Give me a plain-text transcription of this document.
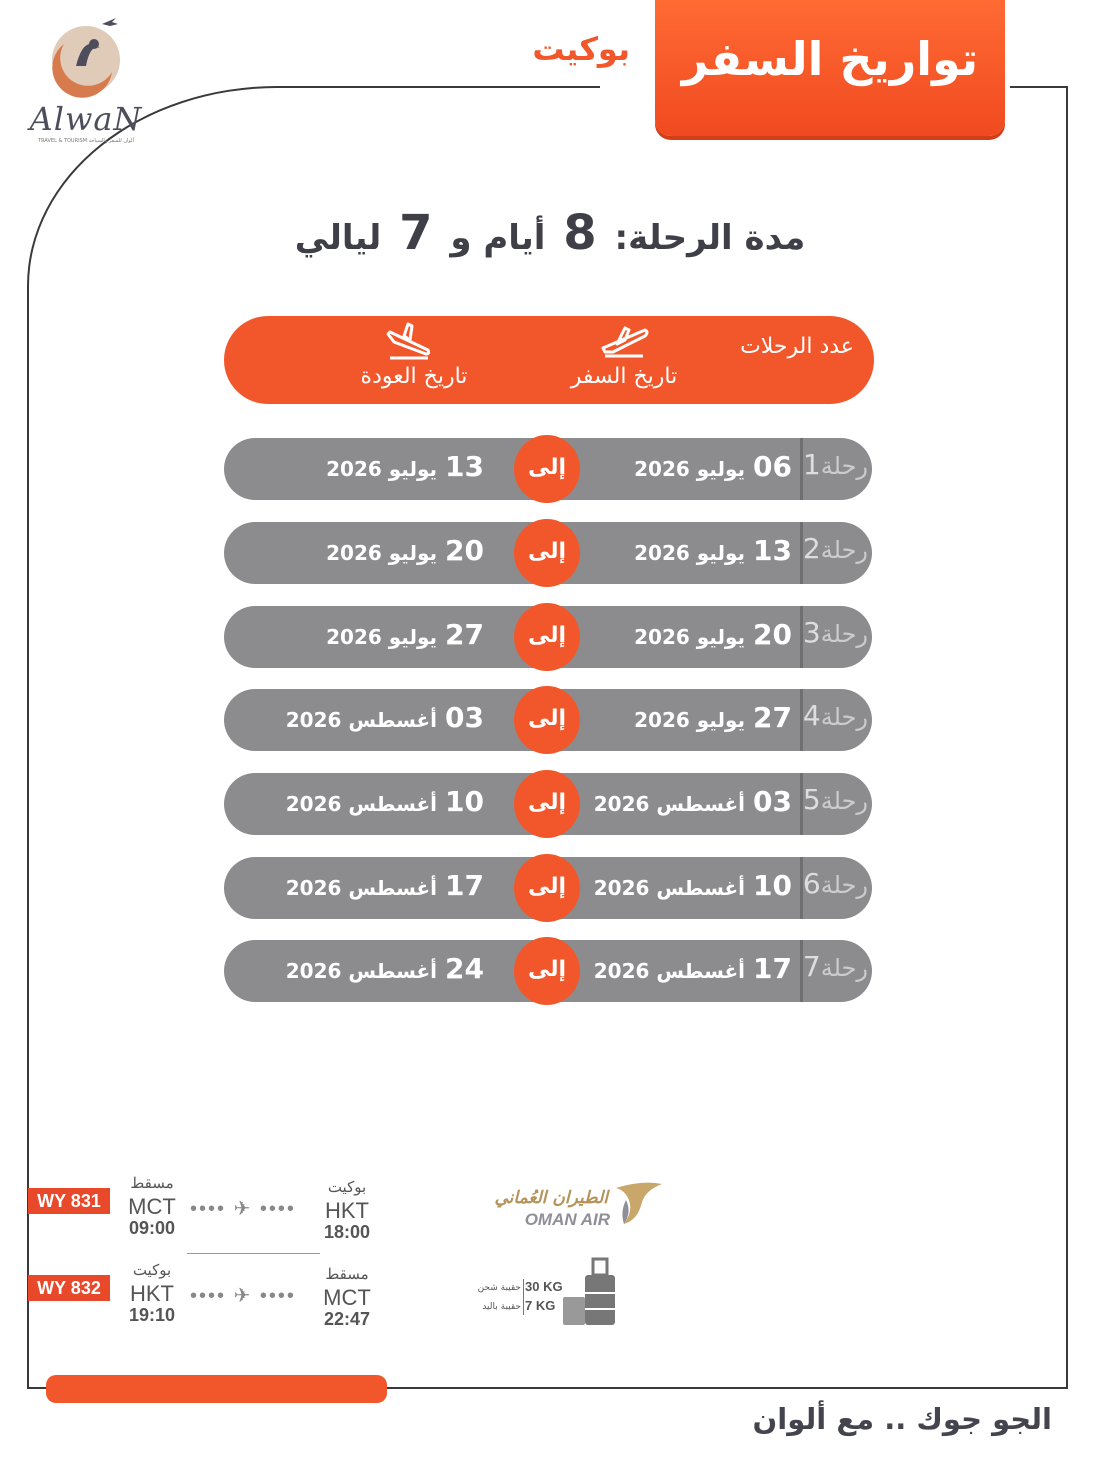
AlwaN
TRAVEL & TOURISM ألوان للسفر والسياحة
بوكيت	تواريخ السفر
مدة الرحلة: 8 أيام و 7 ليالي
عدد الرحلات
تاريخ السفر
تاريخ العودة
رحلة1
06يوليو 2026
إلى
13يوليو 2026
رحلة2
13يوليو 2026
إلى
20يوليو 2026
رحلة3
20يوليو 2026
إلى
27يوليو 2026
رحلة4
27يوليو 2026
إلى
03أغسطس 2026
رحلة5
03أغسطس 2026
إلى
10أغسطس 2026
رحلة6
10أغسطس 2026
إلى
17أغسطس 2026
رحلة7
17أغسطس 2026
إلى
24أغسطس 2026
WY 831
مسقط
MCT
09:00
•••• ✈ ••••
بوكيت
HKT
18:00
WY 832
بوكيت
HKT
19:10
•••• ✈ ••••
مسقط
MCT
22:47
الطيران العُماني
OMAN AIR
30 KG
حقيبة شحن
7 KG
حقيبة باليد
الجو جوك .. مع ألوان
